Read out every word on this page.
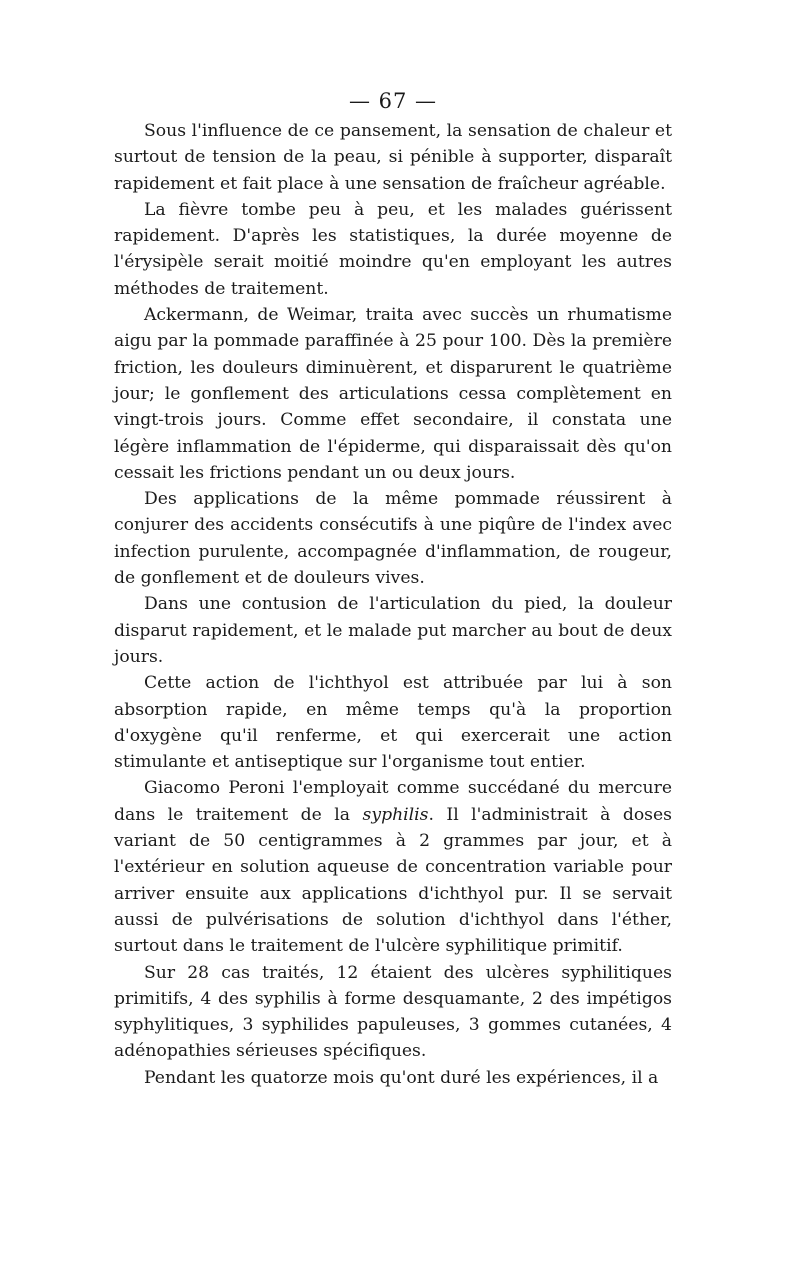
— 67 —

Sous l'influence de ce pansement, la sensation de chaleur et surtout de tension de la peau, si pénible à supporter, disparaît rapidement et fait place à une sensation de fraîcheur agréable.

La fièvre tombe peu à peu, et les malades guérissent rapidement. D'après les statistiques, la durée moyenne de l'érysipèle serait moitié moindre qu'en employant les autres méthodes de traitement.

Ackermann, de Weimar, traita avec succès un rhumatisme aigu par la pommade paraffinée à 25 pour 100. Dès la première friction, les douleurs diminuèrent, et disparurent le quatrième jour; le gonflement des articulations cessa complètement en vingt-trois jours. Comme effet secondaire, il constata une légère inflammation de l'épiderme, qui disparaissait dès qu'on cessait les frictions pendant un ou deux jours.

Des applications de la même pommade réussirent à conjurer des accidents consécutifs à une piqûre de l'index avec infection purulente, accompagnée d'inflammation, de rougeur, de gonflement et de douleurs vives.

Dans une contusion de l'articulation du pied, la douleur disparut rapidement, et le malade put marcher au bout de deux jours.

Cette action de l'ichthyol est attribuée par lui à son absorption rapide, en même temps qu'à la proportion d'oxygène qu'il renferme, et qui exercerait une action stimulante et antiseptique sur l'organisme tout entier.

Giacomo Peroni l'employait comme succédané du mercure dans le traitement de la syphilis. Il l'administrait à doses variant de 50 centigrammes à 2 grammes par jour, et à l'extérieur en solution aqueuse de concentration variable pour arriver ensuite aux applications d'ichthyol pur. Il se servait aussi de pulvérisations de solution d'ichthyol dans l'éther, surtout dans le traitement de l'ulcère syphilitique primitif.

Sur 28 cas traités, 12 étaient des ulcères syphilitiques primitifs, 4 des syphilis à forme desquamante, 2 des impétigos syphylitiques, 3 syphilides papuleuses, 3 gommes cutanées, 4 adénopathies sérieuses spécifiques.

Pendant les quatorze mois qu'ont duré les expériences, il a
